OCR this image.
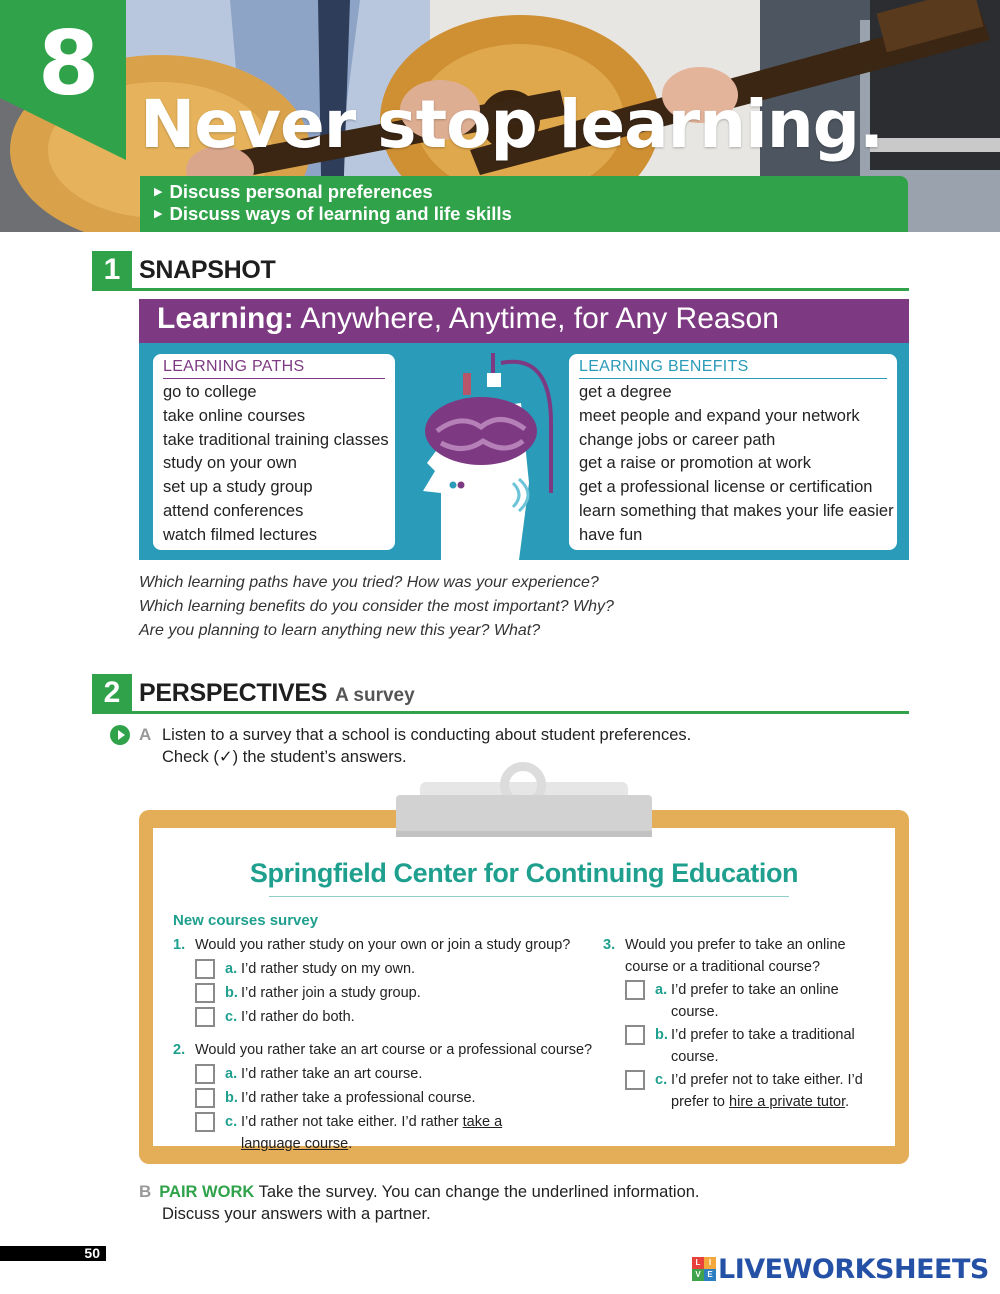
8
Never stop learning.
▶ Discuss personal preferences
▶ Discuss ways of learning and life skills
1 SNAPSHOT
Learning: Anywhere, Anytime, for Any Reason
LEARNING PATHS
go to college
take online courses
take traditional training classes
study on your own
set up a study group
attend conferences
watch filmed lectures
LEARNING BENEFITS
get a degree
meet people and expand your network
change jobs or career path
get a raise or promotion at work
get a professional license or certification
learn something that makes your life easier
have fun
Which learning paths have you tried? How was your experience?
Which learning benefits do you consider the most important? Why?
Are you planning to learn anything new this year? What?
2 PERSPECTIVES A survey
A Listen to a survey that a school is conducting about student preferences.
Check (✓) the student’s answers.
Springfield Center for Continuing Education
New courses survey
1. Would you rather study on your own or join a study group?
a. I’d rather study on my own.
b. I’d rather join a study group.
c. I’d rather do both.
2. Would you rather take an art course or a professional course?
a. I’d rather take an art course.
b. I’d rather take a professional course.
c. I’d rather not take either. I’d rather take a
language course.
3. Would you prefer to take an online
course or a traditional course?
a. I’d prefer to take an online
course.
b. I’d prefer to take a traditional
course.
c. I’d prefer not to take either. I’d
prefer to hire a private tutor.
B PAIR WORK Take the survey. You can change the underlined information.
Discuss your answers with a partner.
50
L	I
V E LIVEWORKSHEETS
